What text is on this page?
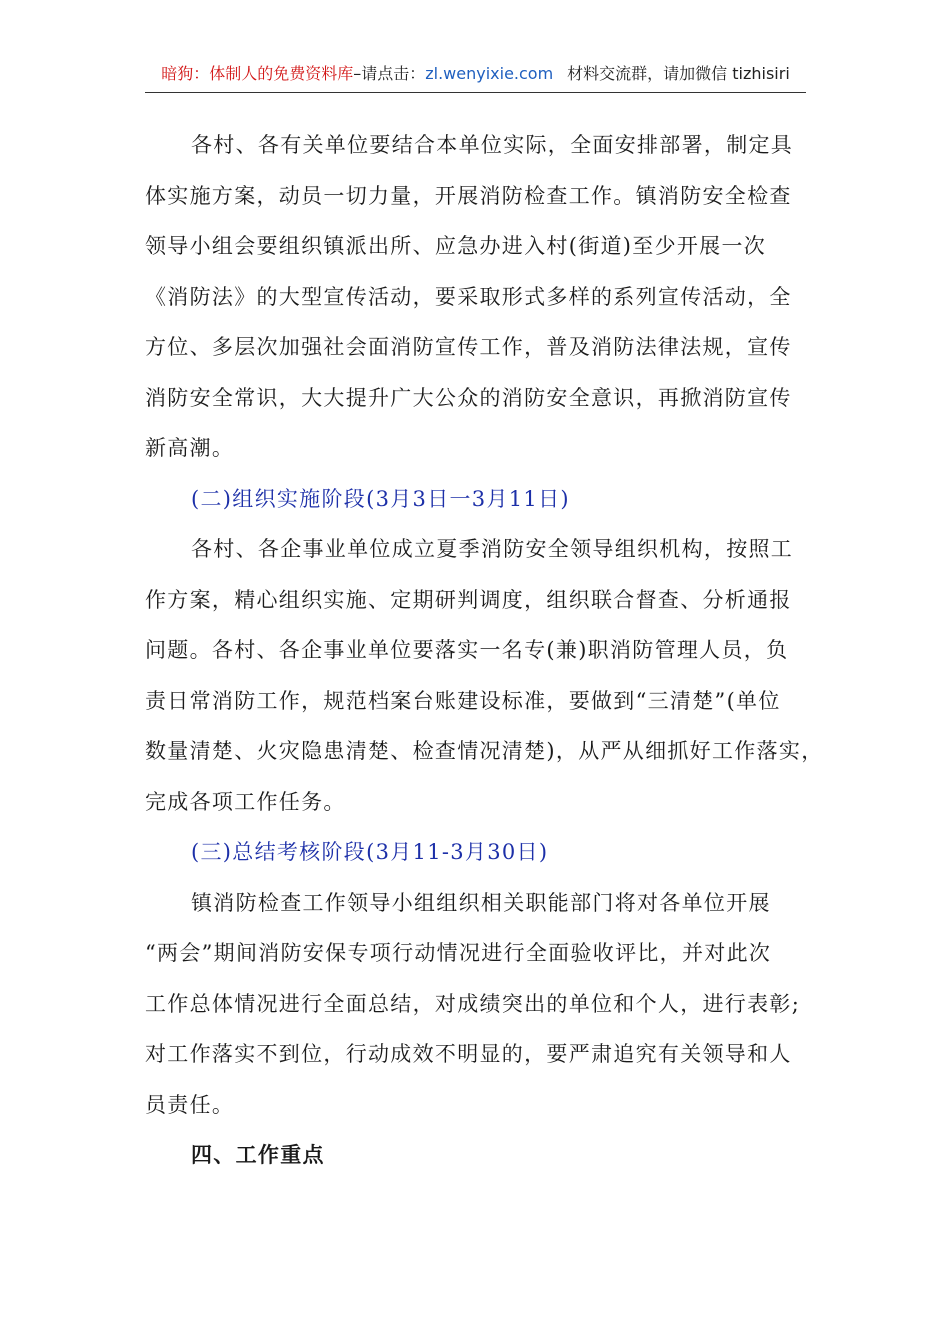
暗狗：体制人的免费资料库–请点击：zl.wenyixie.com 材料交流群，请加微信 tizhisiri
各村、各有关单位要结合本单位实际，全面安排部署，制定具
体实施方案，动员一切力量，开展消防检查工作。镇消防安全检查
领导小组会要组织镇派出所、应急办进入村(街道)至少开展一次
《消防法》的大型宣传活动，要采取形式多样的系列宣传活动，全
方位、多层次加强社会面消防宣传工作，普及消防法律法规，宣传
消防安全常识，大大提升广大公众的消防安全意识，再掀消防宣传
新高潮。
(二)组织实施阶段(3月3日一3月11日)
各村、各企事业单位成立夏季消防安全领导组织机构，按照工
作方案，精心组织实施、定期研判调度，组织联合督查、分析通报
问题。各村、各企事业单位要落实一名专(兼)职消防管理人员，负
责日常消防工作，规范档案台账建设标准，要做到“三清楚”(单位
数量清楚、火灾隐患清楚、检查情况清楚)，从严从细抓好工作落实，
完成各项工作任务。
(三)总结考核阶段(3月11-3月30日)
镇消防检查工作领导小组组织相关职能部门将对各单位开展
“两会”期间消防安保专项行动情况进行全面验收评比，并对此次
工作总体情况进行全面总结，对成绩突出的单位和个人，进行表彰;
对工作落实不到位，行动成效不明显的，要严肃追究有关领导和人
员责任。
四、工作重点
